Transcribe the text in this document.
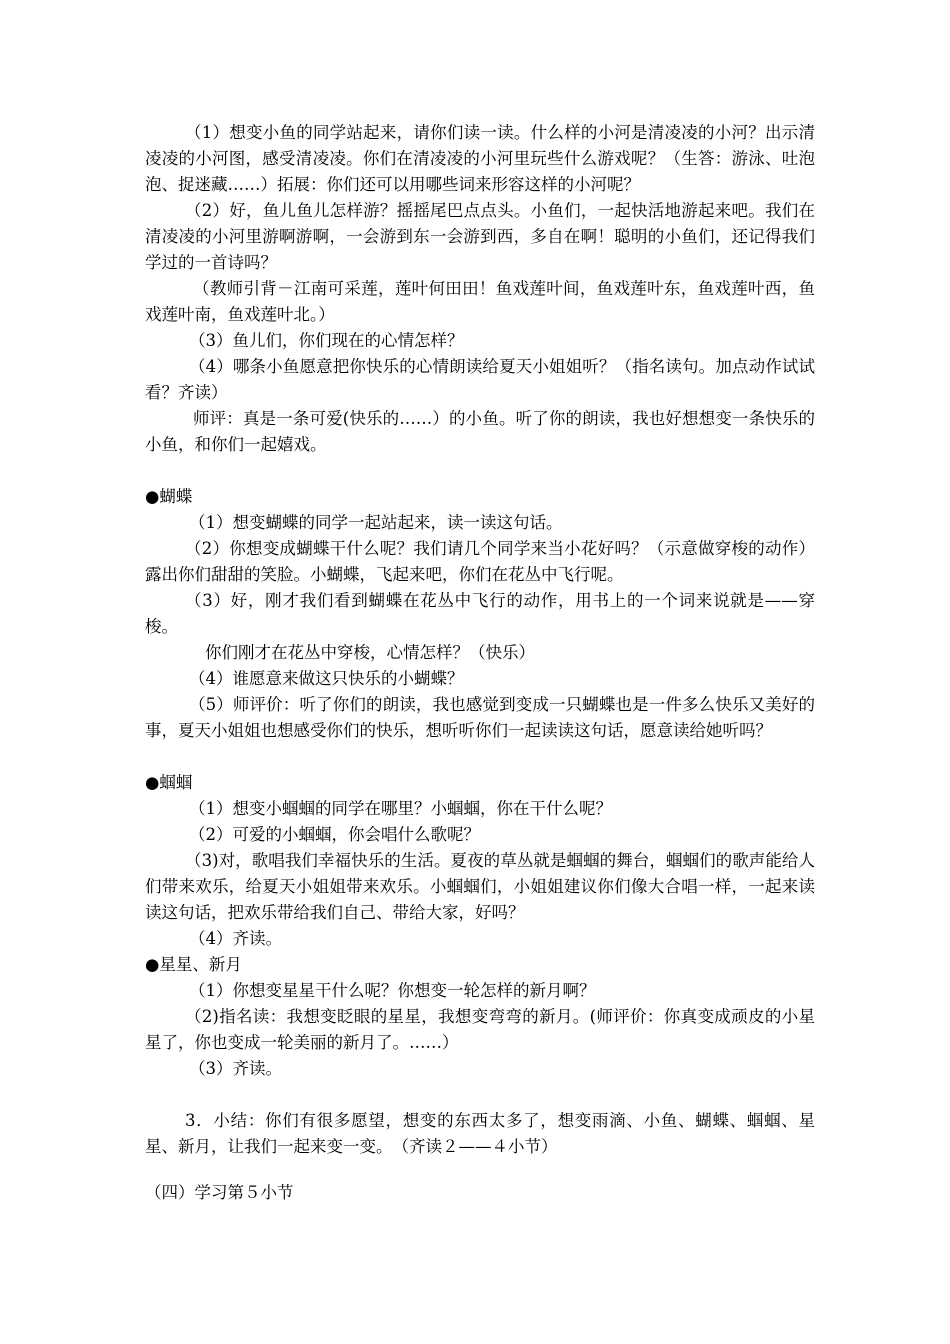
（1）想变小鱼的同学站起来，请你们读一读。什么样的小河是清凌凌的小河？出示清凌凌的小河图，感受清凌凌。你们在清凌凌的小河里玩些什么游戏呢？（生答：游泳、吐泡泡、捉迷藏……）拓展：你们还可以用哪些词来形容这样的小河呢？

（2）好，鱼儿鱼儿怎样游？摇摇尾巴点点头。小鱼们，一起快活地游起来吧。我们在清凌凌的小河里游啊游啊，一会游到东一会游到西，多自在啊！聪明的小鱼们，还记得我们学过的一首诗吗？

（教师引背－江南可采莲，莲叶何田田！鱼戏莲叶间，鱼戏莲叶东，鱼戏莲叶西，鱼戏莲叶南，鱼戏莲叶北。）

（3）鱼儿们，你们现在的心情怎样？

（4）哪条小鱼愿意把你快乐的心情朗读给夏天小姐姐听？（指名读句。加点动作试试看？齐读）

师评：真是一条可爱(快乐的……）的小鱼。听了你的朗读，我也好想想变一条快乐的小鱼，和你们一起嬉戏。

●蝴蝶

（1）想变蝴蝶的同学一起站起来，读一读这句话。

（2）你想变成蝴蝶干什么呢？我们请几个同学来当小花好吗？（示意做穿梭的动作）露出你们甜甜的笑脸。小蝴蝶，飞起来吧，你们在花丛中飞行呢。

（3）好，刚才我们看到蝴蝶在花丛中飞行的动作，用书上的一个词来说就是——穿梭。

你们刚才在花丛中穿梭，心情怎样？（快乐）

（4）谁愿意来做这只快乐的小蝴蝶？

（5）师评价：听了你们的朗读，我也感觉到变成一只蝴蝶也是一件多么快乐又美好的事，夏天小姐姐也想感受你们的快乐，想听听你们一起读读这句话，愿意读给她听吗？

●蝈蝈

（1）想变小蝈蝈的同学在哪里？小蝈蝈，你在干什么呢？

（2）可爱的小蝈蝈，你会唱什么歌呢？

（3)对，歌唱我们幸福快乐的生活。夏夜的草丛就是蝈蝈的舞台，蝈蝈们的歌声能给人们带来欢乐，给夏天小姐姐带来欢乐。小蝈蝈们，小姐姐建议你们像大合唱一样，一起来读读这句话，把欢乐带给我们自己、带给大家，好吗？

（4）齐读。

●星星、新月

（1）你想变星星干什么呢？你想变一轮怎样的新月啊？

（2)指名读：我想变眨眼的星星，我想变弯弯的新月。(师评价：你真变成顽皮的小星星了，你也变成一轮美丽的新月了。……）

（3）齐读。

3．小结：你们有很多愿望，想变的东西太多了，想变雨滴、小鱼、蝴蝶、蝈蝈、星星、新月，让我们一起来变一变。　（齐读２——４小节）

（四）学习第５小节
